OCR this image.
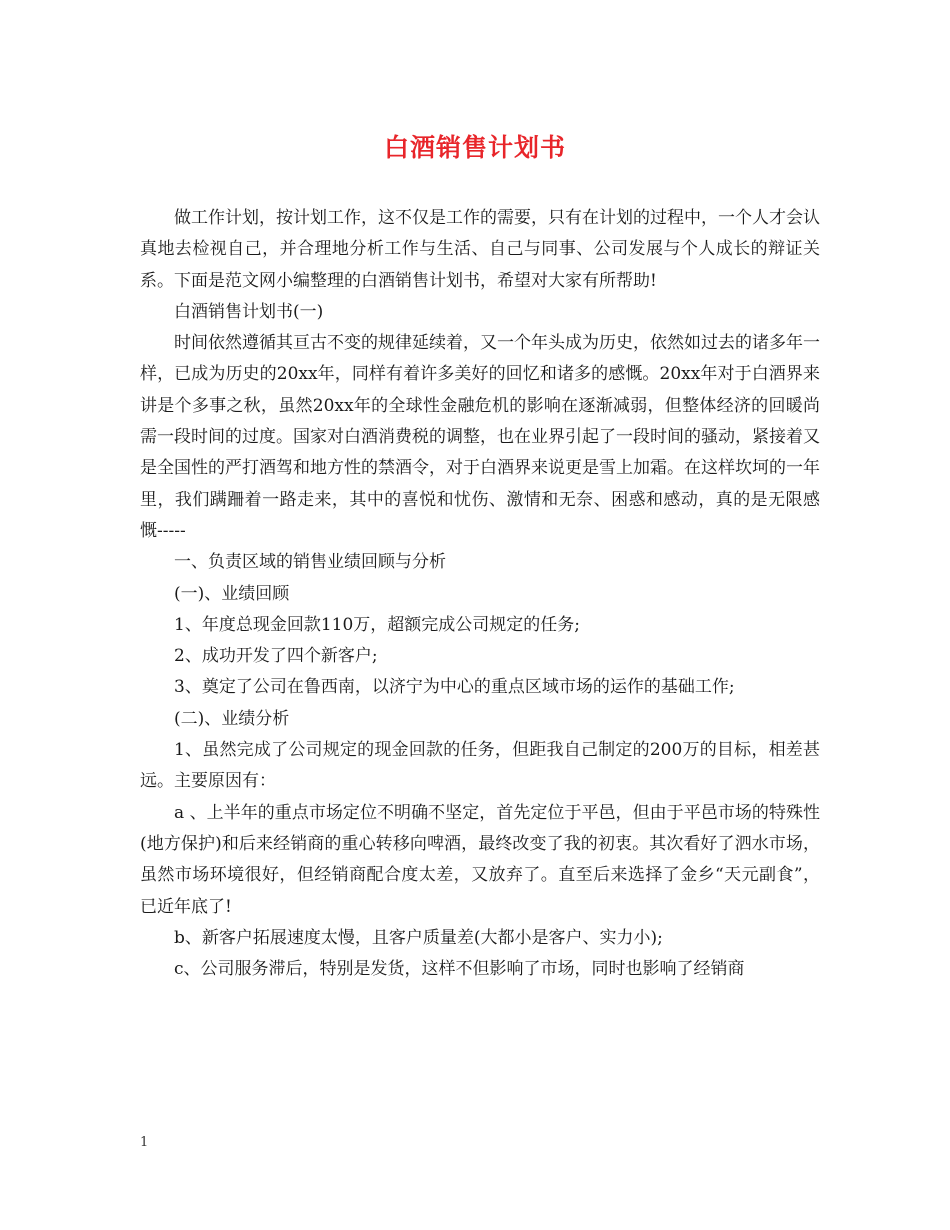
白酒销售计划书

做工作计划，按计划工作，这不仅是工作的需要，只有在计划的过程中，一个人才会认真地去检视自己，并合理地分析工作与生活、自己与同事、公司发展与个人成长的辩证关系。下面是范文网小编整理的白酒销售计划书，希望对大家有所帮助!

白酒销售计划书(一)

时间依然遵循其亘古不变的规律延续着，又一个年头成为历史，依然如过去的诸多年一样，已成为历史的20xx年，同样有着许多美好的回忆和诸多的感慨。20xx年对于白酒界来讲是个多事之秋，虽然20xx年的全球性金融危机的影响在逐渐减弱，但整体经济的回暖尚需一段时间的过度。国家对白酒消费税的调整，也在业界引起了一段时间的骚动，紧接着又是全国性的严打酒驾和地方性的禁酒令，对于白酒界来说更是雪上加霜。在这样坎坷的一年里，我们蹒跚着一路走来，其中的喜悦和忧伤、激情和无奈、困惑和感动，真的是无限感慨-----

一、负责区域的销售业绩回顾与分析

(一)、业绩回顾

1、年度总现金回款110万，超额完成公司规定的任务;

2、成功开发了四个新客户;

3、奠定了公司在鲁西南，以济宁为中心的重点区域市场的运作的基础工作;

(二)、业绩分析

1、虽然完成了公司规定的现金回款的任务，但距我自己制定的200万的目标，相差甚远。主要原因有：

a 、上半年的重点市场定位不明确不坚定，首先定位于平邑，但由于平邑市场的特殊性(地方保护)和后来经销商的重心转移向啤酒，最终改变了我的初衷。其次看好了泗水市场，虽然市场环境很好，但经销商配合度太差，又放弃了。直至后来选择了金乡“天元副食”，已近年底了!

b、新客户拓展速度太慢，且客户质量差(大都小是客户、实力小);

c、公司服务滞后，特别是发货，这样不但影响了市场，同时也影响了经销商

1
